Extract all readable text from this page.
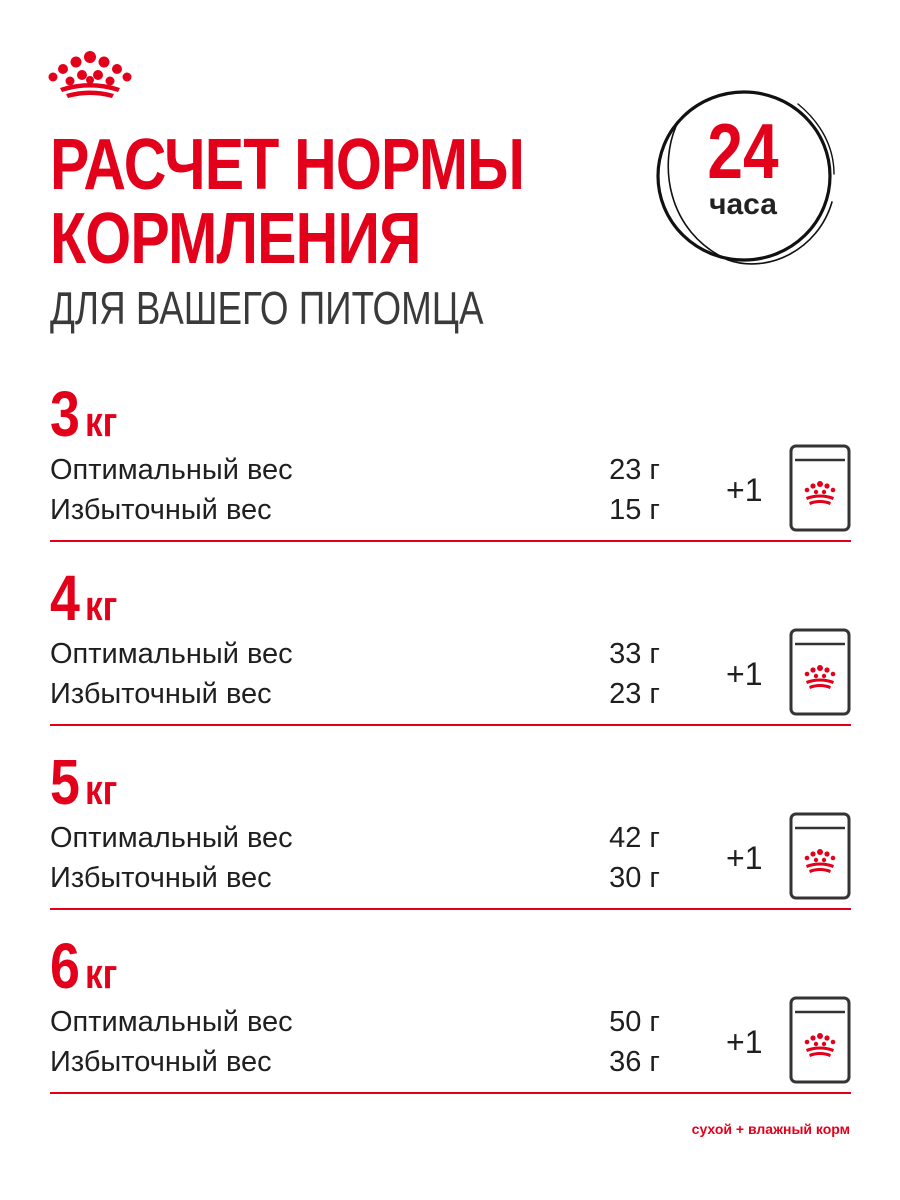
РАСЧЕТ НОРМЫ
КОРМЛЕНИЯ
ДЛЯ ВАШЕГО ПИТОМЦА
24
часа
3 кг
Оптимальный вес	23 г
Избыточный вес	15 г
+1
4 кг
Оптимальный вес	33 г
Избыточный вес	23 г
+1
5 кг
Оптимальный вес	42 г
Избыточный вес	30 г
+1
6 кг
Оптимальный вес	50 г
Избыточный вес	36 г
+1
сухой + влажный корм
